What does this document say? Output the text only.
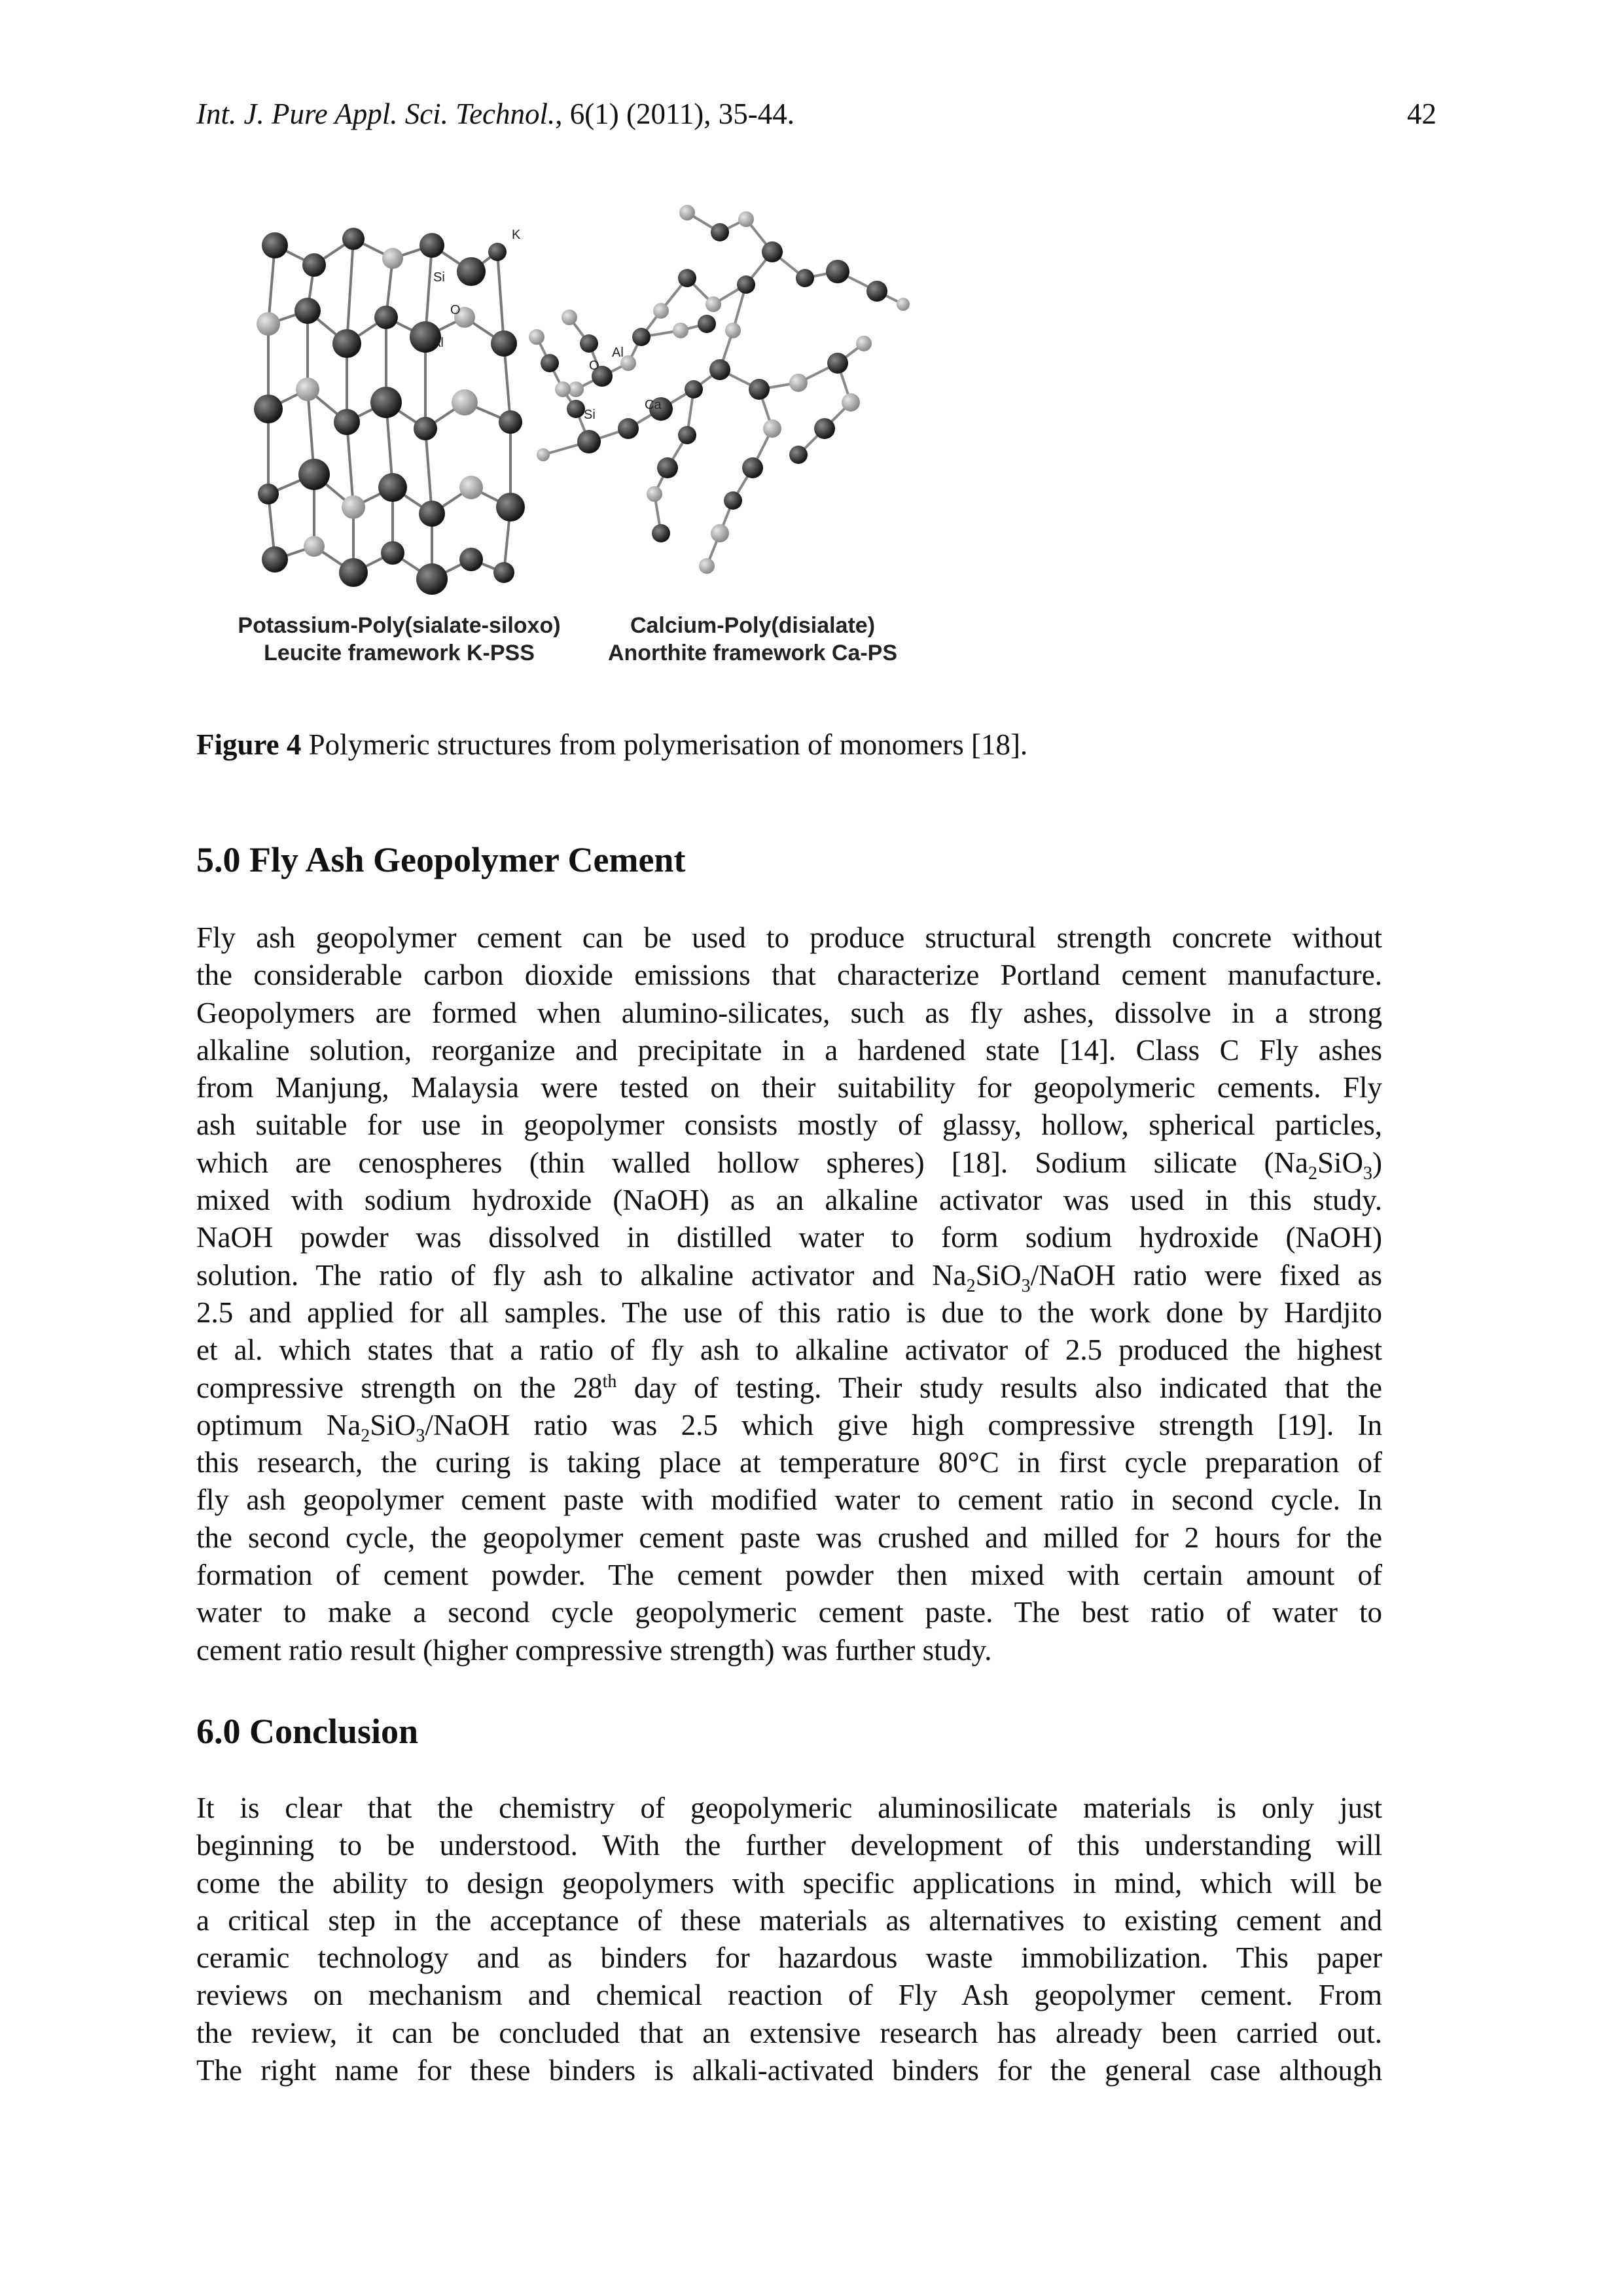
Int. J. Pure Appl. Sci. Technol., 6(1) (2011), 35-44.	42
K
Si
O
Al
O
Al
Si
Ca
Potassium-Poly(sialate-siloxo)
Leucite framework K-PSS
Calcium-Poly(disialate)
Anorthite framework Ca-PS
Figure 4 Polymeric structures from polymerisation of monomers [18].
5.0 Fly Ash Geopolymer Cement
Fly ash geopolymer cement can be used to produce structural strength concrete without
the considerable carbon dioxide emissions that characterize Portland cement manufacture.
Geopolymers are formed when alumino-silicates, such as fly ashes, dissolve in a strong
alkaline solution, reorganize and precipitate in a hardened state [14]. Class C Fly ashes
from Manjung, Malaysia were tested on their suitability for geopolymeric cements. Fly
ash suitable for use in geopolymer consists mostly of glassy, hollow, spherical particles,
which are cenospheres (thin walled hollow spheres) [18]. Sodium silicate $(Na_2SiO_3)$
mixed with sodium hydroxide (NaOH) as an alkaline activator was used in this study.
NaOH powder was dissolved in distilled water to form sodium hydroxide (NaOH)
solution. The ratio of fly ash to alkaline activator and $Na_2SiO_3$/NaOH ratio were fixed as
2.5 and applied for all samples. The use of this ratio is due to the work done by Hardjito
et al. which states that a ratio of fly ash to alkaline activator of 2.5 produced the highest
compressive strength on the 28th day of testing. Their study results also indicated that the
optimum $Na_2SiO_3$/NaOH ratio was 2.5 which give high compressive strength [19]. In
this research, the curing is taking place at temperature 80°C in first cycle preparation of
fly ash geopolymer cement paste with modified water to cement ratio in second cycle. In
the second cycle, the geopolymer cement paste was crushed and milled for 2 hours for the
formation of cement powder. The cement powder then mixed with certain amount of
water to make a second cycle geopolymeric cement paste. The best ratio of water to
cement ratio result (higher compressive strength) was further study.
6.0 Conclusion
It is clear that the chemistry of geopolymeric aluminosilicate materials is only just
beginning to be understood. With the further development of this understanding will
come the ability to design geopolymers with specific applications in mind, which will be
a critical step in the acceptance of these materials as alternatives to existing cement and
ceramic technology and as binders for hazardous waste immobilization. This paper
reviews on mechanism and chemical reaction of Fly Ash geopolymer cement. From
the review, it can be concluded that an extensive research has already been carried out.
The right name for these binders is alkali-activated binders for the general case although
